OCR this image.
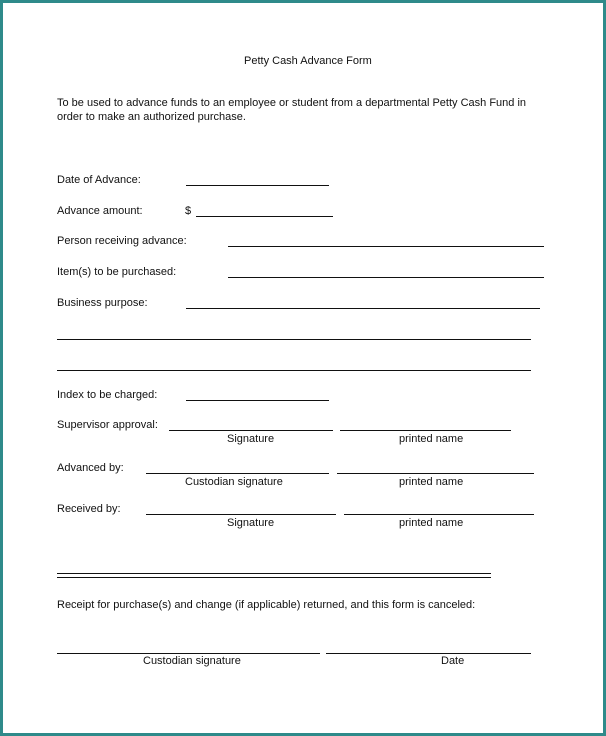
Petty Cash Advance Form
To be used to advance funds to an employee or student from a departmental Petty Cash Fund in
order to make an authorized purchase.
Date of Advance:
Advance amount:	$
Person receiving advance:
Item(s) to be purchased:
Business purpose:
Index to be charged:
Supervisor approval:
Signature	printed name
Advanced by:
Custodian signature	printed name
Received by:
Signature	printed name
Receipt for purchase(s) and change (if applicable) returned, and this form is canceled:
Custodian signature	Date
